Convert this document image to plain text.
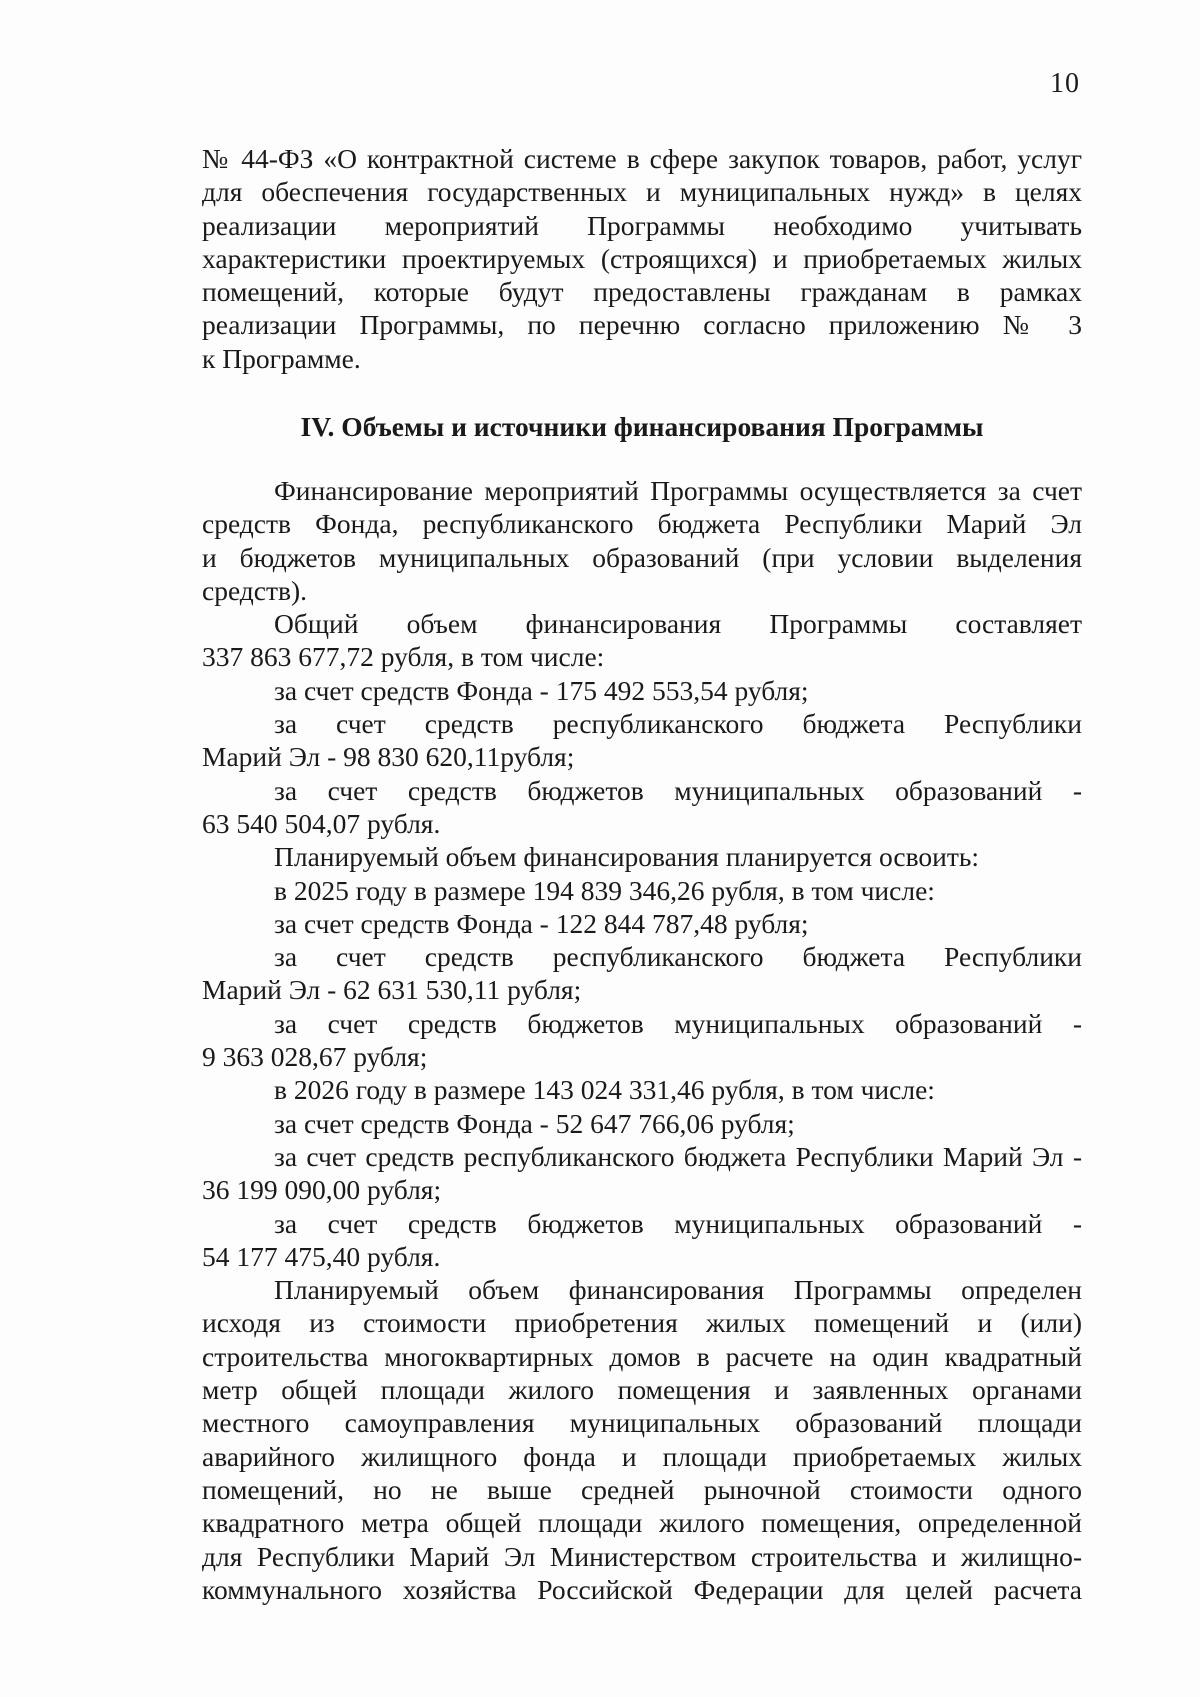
10
№ 44-ФЗ «О контрактной системе в сфере закупок товаров, работ, услуг
для обеспечения государственных и муниципальных нужд» в целях
реализации мероприятий Программы необходимо учитывать
характеристики проектируемых (строящихся) и приобретаемых жилых
помещений, которые будут предоставлены гражданам в рамках
реализации Программы, по перечню согласно приложению № 3
к Программе.
IV. Объемы и источники финансирования Программы
Финансирование мероприятий Программы осуществляется за счет
средств Фонда, республиканского бюджета Республики Марий Эл
и бюджетов муниципальных образований (при условии выделения
средств).
Общий объем финансирования Программы составляет
337 863 677,72 рубля, в том числе:
за счет средств Фонда - 175 492 553,54 рубля;
за счет средств республиканского бюджета Республики
Марий Эл - 98 830 620,11рубля;
за счет средств бюджетов муниципальных образований -
63 540 504,07 рубля.
Планируемый объем финансирования планируется освоить:
в 2025 году в размере 194 839 346,26 рубля, в том числе:
за счет средств Фонда - 122 844 787,48 рубля;
за счет средств республиканского бюджета Республики
Марий Эл - 62 631 530,11 рубля;
за счет средств бюджетов муниципальных образований -
9 363 028,67 рубля;
в 2026 году в размере 143 024 331,46 рубля, в том числе:
за счет средств Фонда - 52 647 766,06 рубля;
за счет средств республиканского бюджета Республики Марий Эл -
36 199 090,00 рубля;
за счет средств бюджетов муниципальных образований -
54 177 475,40 рубля.
Планируемый объем финансирования Программы определен
исходя из стоимости приобретения жилых помещений и (или)
строительства многоквартирных домов в расчете на один квадратный
метр общей площади жилого помещения и заявленных органами
местного самоуправления муниципальных образований площади
аварийного жилищного фонда и площади приобретаемых жилых
помещений, но не выше средней рыночной стоимости одного
квадратного метра общей площади жилого помещения, определенной
для Республики Марий Эл Министерством строительства и жилищно-
коммунального хозяйства Российской Федерации для целей расчета
